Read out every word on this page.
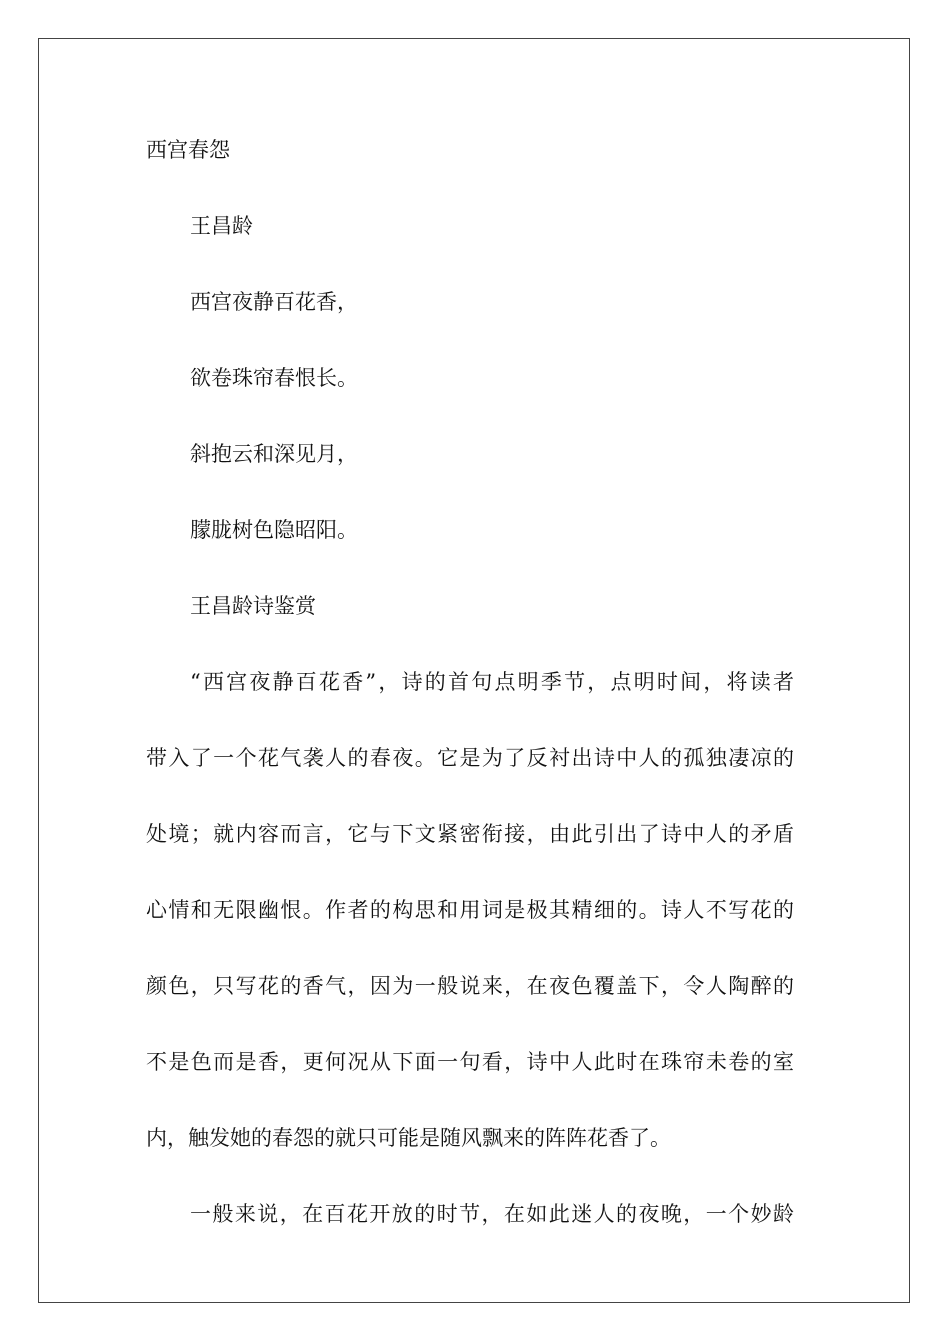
西宫春怨

王昌龄

西宫夜静百花香，

欲卷珠帘春恨长。

斜抱云和深见月，

朦胧树色隐昭阳。

王昌龄诗鉴赏

“西宫夜静百花香”，诗的首句点明季节，点明时间，将读者

带入了一个花气袭人的春夜。它是为了反衬出诗中人的孤独凄凉的

处境；就内容而言，它与下文紧密衔接，由此引出了诗中人的矛盾

心情和无限幽恨。作者的构思和用词是极其精细的。诗人不写花的

颜色，只写花的香气，因为一般说来，在夜色覆盖下，令人陶醉的

不是色而是香，更何况从下面一句看，诗中人此时在珠帘未卷的室

内，触发她的春怨的就只可能是随风飘来的阵阵花香了。

一般来说，在百花开放的时节，在如此迷人的夜晚，一个妙龄
